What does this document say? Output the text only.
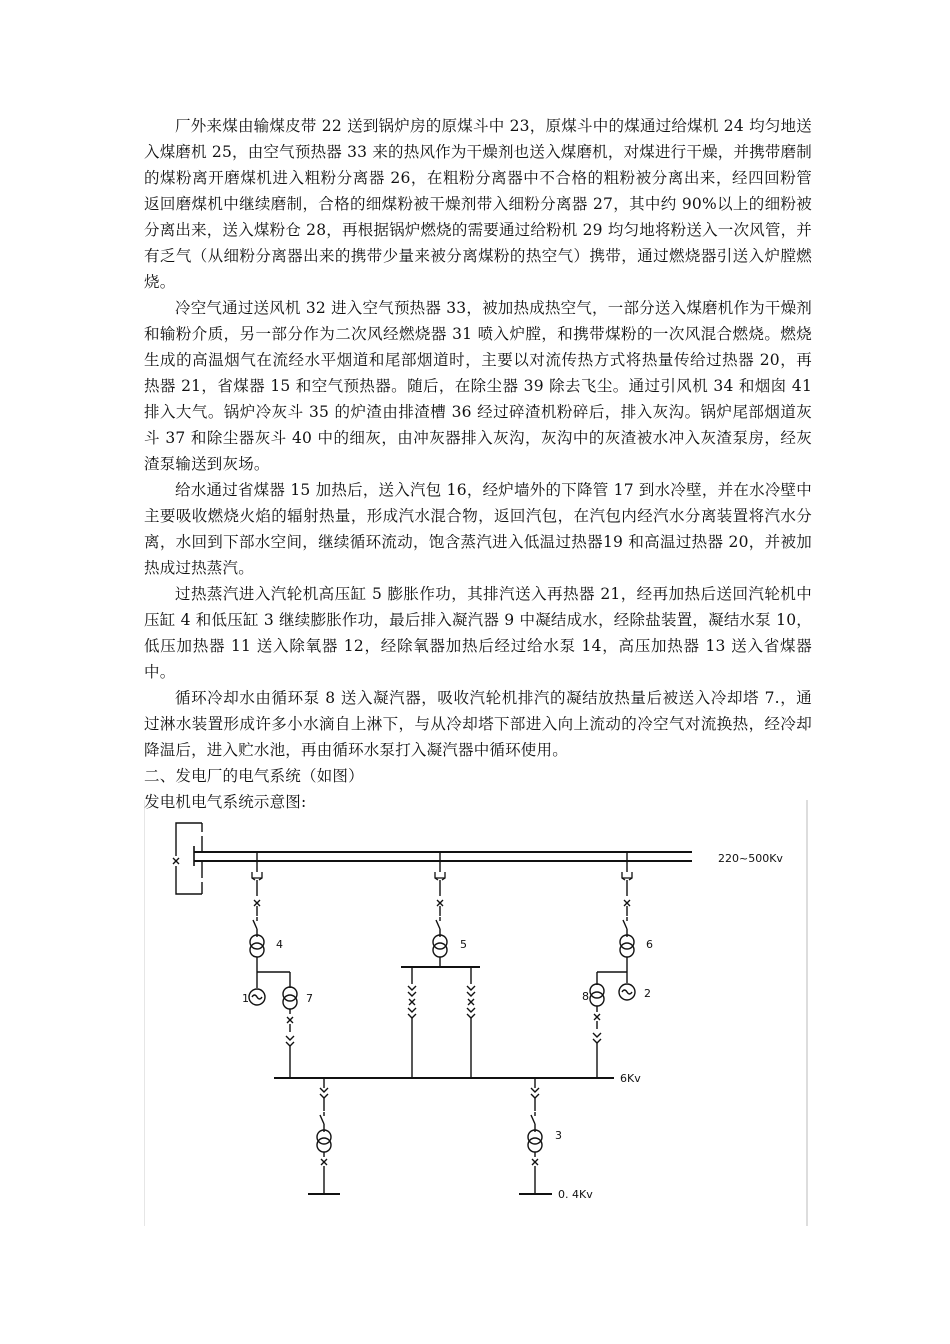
厂外来煤由输煤皮带 22 送到锅炉房的原煤斗中 23，原煤斗中的煤通过给煤机 24 均匀地送入煤磨机 25，由空气预热器 33 来的热风作为干燥剂也送入煤磨机，对煤进行干燥，并携带磨制的煤粉离开磨煤机进入粗粉分离器 26，在粗粉分离器中不合格的粗粉被分离出来，经四回粉管返回磨煤机中继续磨制，合格的细煤粉被干燥剂带入细粉分离器 27，其中约 90%以上的细粉被分离出来，送入煤粉仓 28，再根据锅炉燃烧的需要通过给粉机 29 均匀地将粉送入一次风管，并有乏气（从细粉分离器出来的携带少量来被分离煤粉的热空气）携带，通过燃烧器引送入炉膛燃烧。

冷空气通过送风机 32 进入空气预热器 33，被加热成热空气，一部分送入煤磨机作为干燥剂和输粉介质，另一部分作为二次风经燃烧器 31 喷入炉膛，和携带煤粉的一次风混合燃烧。燃烧生成的高温烟气在流经水平烟道和尾部烟道时，主要以对流传热方式将热量传给过热器 20，再热器 21，省煤器 15 和空气预热器。随后，在除尘器 39 除去飞尘。通过引风机 34 和烟囱 41 排入大气。锅炉冷灰斗 35 的炉渣由排渣槽 36 经过碎渣机粉碎后，排入灰沟。锅炉尾部烟道灰斗 37 和除尘器灰斗 40 中的细灰，由冲灰器排入灰沟，灰沟中的灰渣被水冲入灰渣泵房，经灰渣泵输送到灰场。

给水通过省煤器 15 加热后，送入汽包 16，经炉墙外的下降管 17 到水冷壁，并在水冷壁中主要吸收燃烧火焰的辐射热量，形成汽水混合物，返回汽包，在汽包内经汽水分离装置将汽水分离，水回到下部水空间，继续循环流动，饱含蒸汽进入低温过热器19 和高温过热器 20，并被加热成过热蒸汽。

过热蒸汽进入汽轮机高压缸 5 膨胀作功，其排汽送入再热器 21，经再加热后送回汽轮机中压缸 4 和低压缸 3 继续膨胀作功，最后排入凝汽器 9 中凝结成水，经除盐装置，凝结水泵 10，低压加热器 11 送入除氧器 12，经除氧器加热后经过给水泵 14，高压加热器 13 送入省煤器中。

循环冷却水由循环泵 8 送入凝汽器，吸收汽轮机排汽的凝结放热量后被送入冷却塔 7.，通过淋水装置形成许多小水滴自上淋下，与从冷却塔下部进入向上流动的冷空气对流换热，经冷却降温后，进入贮水池，再由循环水泵打入凝汽器中循环使用。

二、发电厂的电气系统（如图）

发电机电气系统示意图:

220~500Kv
4
1	7
5	6
8	2
6Kv
3
0. 4Kv
